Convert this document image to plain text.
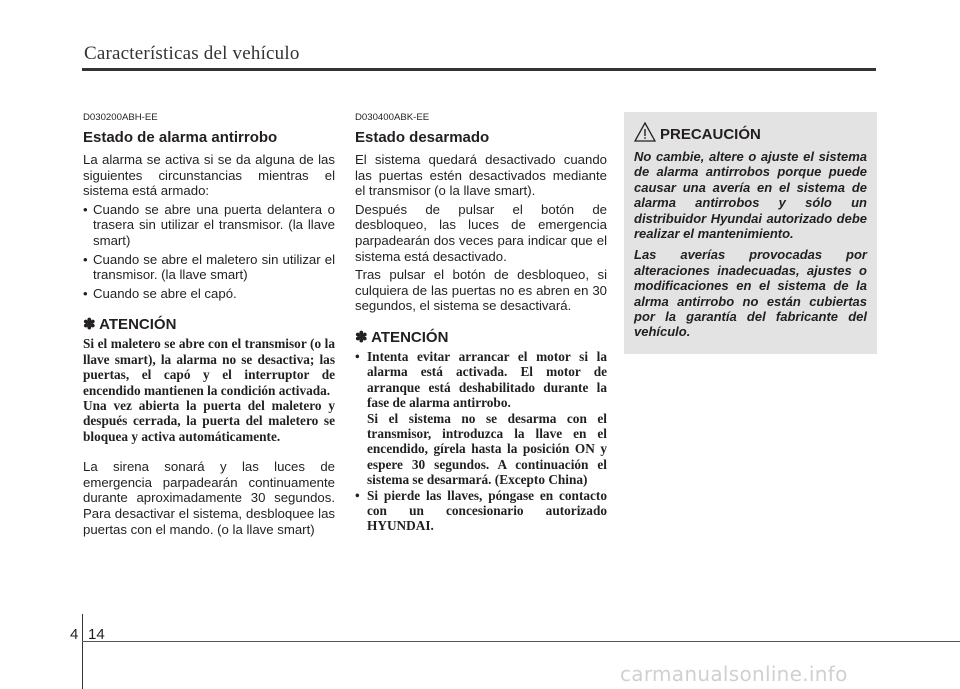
Características del vehículo
D030200ABH-EE
Estado de alarma antirrobo

La alarma se activa si se da alguna de las siguientes circunstancias mientras el sistema está armado:

• Cuando se abre una puerta delantera o trasera sin utilizar el transmisor. (la llave smart)
• Cuando se abre el maletero sin utilizar el transmisor. (la llave smart)
• Cuando se abre el capó.
✽ ATENCIÓN

Si el maletero se abre con el transmisor (o la llave smart), la alarma no se desactiva; las puertas, el capó y el interruptor de encendido mantienen la condición activada.

Una vez abierta la puerta del maletero y después cerrada, la puerta del maletero se bloquea y activa automáticamente.

La sirena sonará y las luces de emergencia parpadearán continuamente durante aproximadamente 30 segundos. Para desactivar el sistema, desbloquee las puertas con el mando. (o la llave smart)

D030400ABK-EE
Estado desarmado

El sistema quedará desactivado cuando las puertas estén desactivados mediante el transmisor (o la llave smart).

Después de pulsar el botón de desbloqueo, las luces de emergencia parpadearán dos veces para indicar que el sistema está desactivado.

Tras pulsar el botón de desbloqueo, si culquiera de las puertas no es abren en 30 segundos, el sistema se desactivará.

✽ ATENCIÓN
• Intenta evitar arrancar el motor si la alarma está activada. El motor de arranque está deshabilitado durante la fase de alarma antirrobo.
Si el sistema no se desarma con el transmisor, introduzca la llave en el encendido, gírela hasta la posición ON y espere 30 segundos. A continuación el sistema se desarmará. (Excepto China)
• Si pierde las llaves, póngase en contacto con un concesionario autorizado HYUNDAI.
PRECAUCIÓN

No cambie, altere o ajuste el sistema de alarma antirrobos porque puede causar una avería en el sistema de alarma antirrobos y sólo un distribuidor Hyundai autorizado debe realizar el mantenimiento.

Las averías provocadas por alteraciones inadecuadas, ajustes o modificaciones en el sistema de la alrma antirrobo no están cubiertas por la garantía del fabricante del vehículo.

4 14
carmanualsonline.info
